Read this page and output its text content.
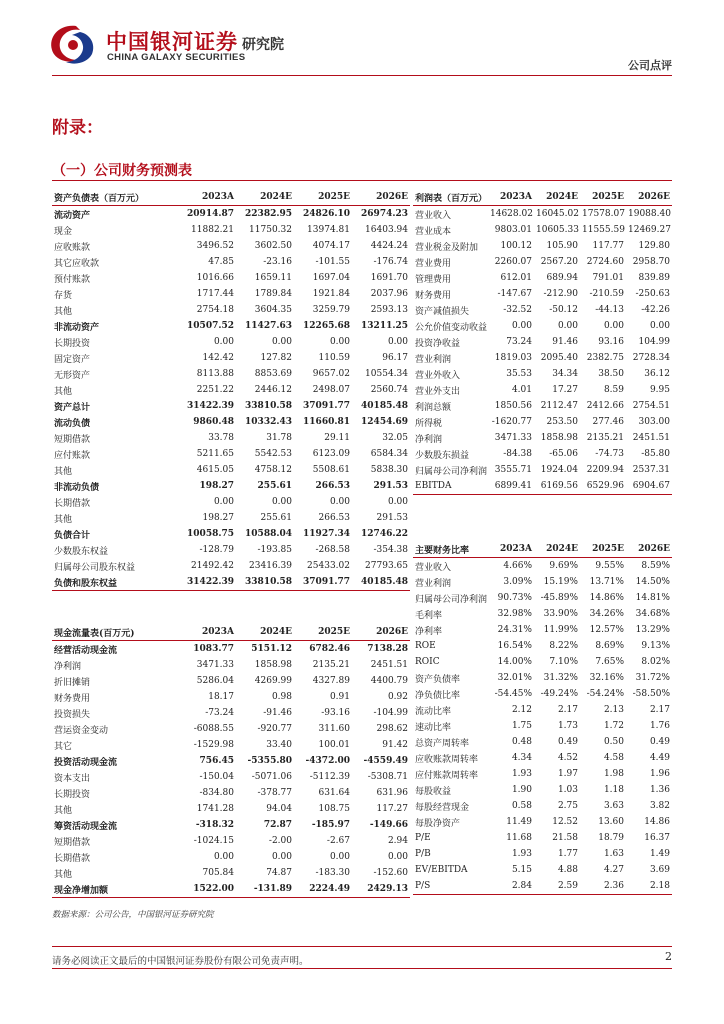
中国银河证券 研究院
CHINA GALAXY SECURITIES
公司点评
附录：
（一）公司财务预测表
资产负债表（百万元）	2023A	2024E	2025E	2026E
流动资产	20914.87	22382.95	24826.10	26974.23
现金	11882.21	11750.32	13974.81	16403.94
应收账款	3496.52	3602.50	4074.17	4424.24
其它应收款	47.85	-23.16	-101.55	-176.74
预付账款	1016.66	1659.11	1697.04	1691.70
存货	1717.44	1789.84	1921.84	2037.96
其他	2754.18	3604.35	3259.79	2593.13
非流动资产	10507.52	11427.63	12265.68	13211.25
长期投资	0.00	0.00	0.00	0.00
固定资产	142.42	127.82	110.59	96.17
无形资产	8113.88	8853.69	9657.02	10554.34
其他	2251.22	2446.12	2498.07	2560.74
资产总计	31422.39	33810.58	37091.77	40185.48
流动负债	9860.48	10332.43	11660.81	12454.69
短期借款	33.78	31.78	29.11	32.05
应付账款	5211.65	5542.53	6123.09	6584.34
其他	4615.05	4758.12	5508.61	5838.30
非流动负债	198.27	255.61	266.53	291.53
长期借款	0.00	0.00	0.00	0.00
其他	198.27	255.61	266.53	291.53
负债合计	10058.75	10588.04	11927.34	12746.22
少数股东权益	-128.79	-193.85	-268.58	-354.38
归属母公司股东权益	21492.42	23416.39	25433.02	27793.65
负债和股东权益	31422.39	33810.58	37091.77	40185.48
利润表（百万元）	2023A	2024E	2025E	2026E
营业收入	14628.02	16045.02	17578.07	19088.40
营业成本	9803.01	10605.33	11555.59	12469.27
营业税金及附加	100.12	105.90	117.77	129.80
营业费用	2260.07	2567.20	2724.60	2958.70
管理费用	612.01	689.94	791.01	839.89
财务费用	-147.67	-212.90	-210.59	-250.63
资产减值损失	-32.52	-50.12	-44.13	-42.26
公允价值变动收益	0.00	0.00	0.00	0.00
投资净收益	73.24	91.46	93.16	104.99
营业利润	1819.03	2095.40	2382.75	2728.34
营业外收入	35.53	34.34	38.50	36.12
营业外支出	4.01	17.27	8.59	9.95
利润总额	1850.56	2112.47	2412.66	2754.51
所得税	-1620.77	253.50	277.46	303.00
净利润	3471.33	1858.98	2135.21	2451.51
少数股东损益	-84.38	-65.06	-74.73	-85.80
归属母公司净利润	3555.71	1924.04	2209.94	2537.31
EBITDA	6899.41	6169.56	6529.96	6904.67
主要财务比率	2023A	2024E	2025E	2026E
营业收入	4.66%	9.69%	9.55%	8.59%
营业利润	3.09%	15.19%	13.71%	14.50%
归属母公司净利润	90.73%	-45.89%	14.86%	14.81%
毛利率	32.98%	33.90%	34.26%	34.68%
净利率	24.31%	11.99%	12.57%	13.29%
ROE	16.54%	8.22%	8.69%	9.13%
ROIC	14.00%	7.10%	7.65%	8.02%
资产负债率	32.01%	31.32%	32.16%	31.72%
净负债比率	-54.45%	-49.24%	-54.24%	-58.50%
流动比率	2.12	2.17	2.13	2.17
速动比率	1.75	1.73	1.72	1.76
总资产周转率	0.48	0.49	0.50	0.49
应收账款周转率	4.34	4.52	4.58	4.49
应付账款周转率	1.93	1.97	1.98	1.96
每股收益	1.90	1.03	1.18	1.36
每股经营现金	0.58	2.75	3.63	3.82
每股净资产	11.49	12.52	13.60	14.86
P/E	11.68	21.58	18.79	16.37
P/B	1.93	1.77	1.63	1.49
EV/EBITDA	5.15	4.88	4.27	3.69
P/S	2.84	2.59	2.36	2.18
现金流量表(百万元)	2023A	2024E	2025E	2026E
经营活动现金流	1083.77	5151.12	6782.46	7138.28
净利润	3471.33	1858.98	2135.21	2451.51
折旧摊销	5286.04	4269.99	4327.89	4400.79
财务费用	18.17	0.98	0.91	0.92
投资损失	-73.24	-91.46	-93.16	-104.99
营运资金变动	-6088.55	-920.77	311.60	298.62
其它	-1529.98	33.40	100.01	91.42
投资活动现金流	756.45	-5355.80	-4372.00	-4559.49
资本支出	-150.04	-5071.06	-5112.39	-5308.71
长期投资	-834.80	-378.77	631.64	631.96
其他	1741.28	94.04	108.75	117.27
筹资活动现金流	-318.32	72.87	-185.97	-149.66
短期借款	-1024.15	-2.00	-2.67	2.94
长期借款	0.00	0.00	0.00	0.00
其他	705.84	74.87	-183.30	-152.60
现金净增加额	1522.00	-131.89	2224.49	2429.13
数据来源：公司公告，中国银河证券研究院
请务必阅读正文最后的中国银河证券股份有限公司免责声明。	2
